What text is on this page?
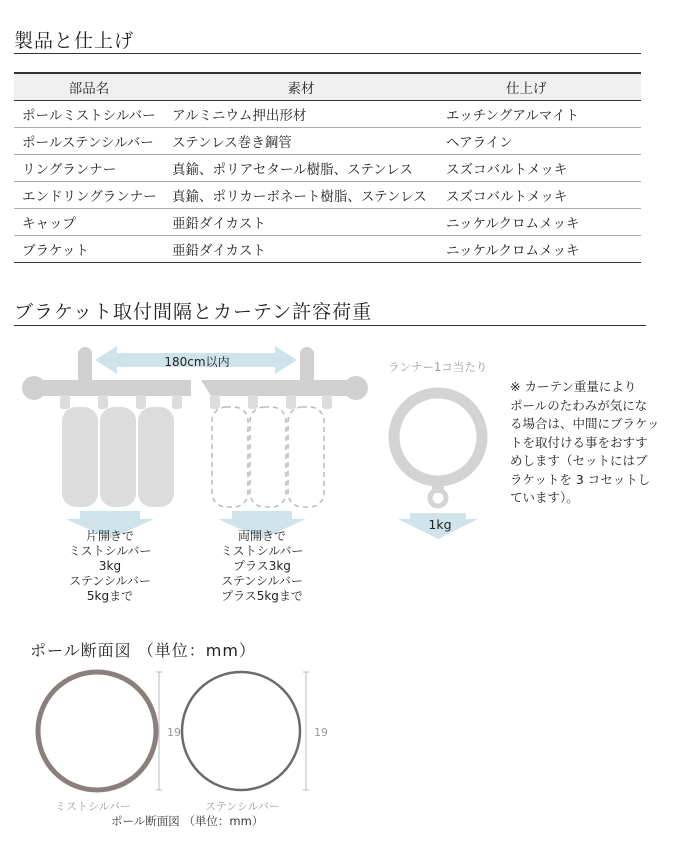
製品と仕上げ
部品名	素材	仕上げ
ポールミストシルバー	アルミニウム押出形材	エッチングアルマイト
ポールステンシルバー	ステンレス巻き鋼管	ヘアライン
リングランナー	真鍮、ポリアセタール樹脂、ステンレス	スズコバルトメッキ
エンドリングランナー	真鍮、ポリカーボネート樹脂、ステンレス	スズコバルトメッキ
キャップ	亜鉛ダイカスト	ニッケルクロムメッキ
ブラケット	亜鉛ダイカスト	ニッケルクロムメッキ
ブラケット取付間隔とカーテン許容荷重
180cm以内	ランナー1コ当たり
1kg
片開きで
ミストシルバー
3kg
ステンシルバー
5kgまで
両開きで
ミストシルバー
プラス3kg
ステンシルバー
プラス5kgまで
※ カーテン重量により
ポールのたわみが気にな
る場合は、中間にブラケッ
トを取付ける事をおすす
めします（セットにはブ
ラケットを 3 コセットし
ています）。
ポール断面図 （単位：mm）
19	19
ミストシルバー	ステンシルバー
ポール断面図 （単位：mm）
